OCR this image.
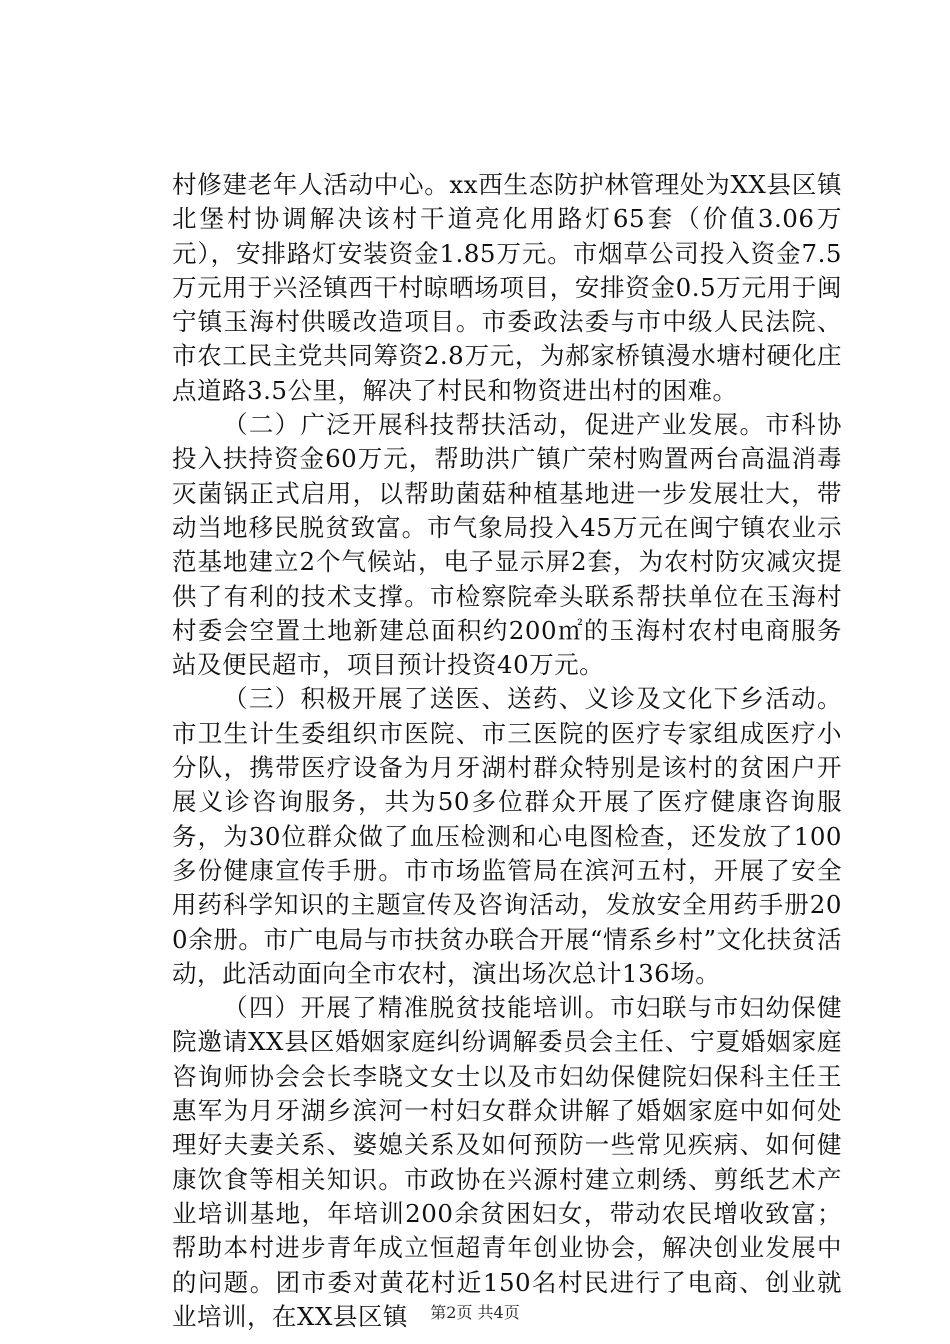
村修建老年人活动中心。xx西生态防护林管理处为XX县区镇北堡村协调解决该村干道亮化用路灯65套（价值3.06万元），安排路灯安装资金1.85万元。市烟草公司投入资金7.5万元用于兴泾镇西干村晾晒场项目，安排资金0.5万元用于闽宁镇玉海村供暖改造项目。市委政法委与市中级人民法院、市农工民主党共同筹资2.8万元，为郝家桥镇漫水塘村硬化庄点道路3.5公里，解决了村民和物资进出村的困难。

（二）广泛开展科技帮扶活动，促进产业发展。市科协投入扶持资金60万元，帮助洪广镇广荣村购置两台高温消毒灭菌锅正式启用，以帮助菌菇种植基地进一步发展壮大，带动当地移民脱贫致富。市气象局投入45万元在闽宁镇农业示范基地建立2个气候站，电子显示屏2套，为农村防灾减灾提供了有利的技术支撑。市检察院牵头联系帮扶单位在玉海村村委会空置土地新建总面积约200㎡的玉海村农村电商服务站及便民超市，项目预计投资40万元。

（三）积极开展了送医、送药、义诊及文化下乡活动。市卫生计生委组织市医院、市三医院的医疗专家组成医疗小分队，携带医疗设备为月牙湖村群众特别是该村的贫困户开展义诊咨询服务，共为50多位群众开展了医疗健康咨询服务，为30位群众做了血压检测和心电图检查，还发放了100多份健康宣传手册。市市场监管局在滨河五村，开展了安全用药科学知识的主题宣传及咨询活动，发放安全用药手册200余册。市广电局与市扶贫办联合开展“情系乡村”文化扶贫活动，此活动面向全市农村，演出场次总计136场。

（四）开展了精准脱贫技能培训。市妇联与市妇幼保健院邀请XX县区婚姻家庭纠纷调解委员会主任、宁夏婚姻家庭咨询师协会会长李晓文女士以及市妇幼保健院妇保科主任王惠军为月牙湖乡滨河一村妇女群众讲解了婚姻家庭中如何处理好夫妻关系、婆媳关系及如何预防一些常见疾病、如何健康饮食等相关知识。市政协在兴源村建立刺绣、剪纸艺术产业培训基地，年培训200余贫困妇女，带动农民增收致富；帮助本村进步青年成立恒超青年创业协会，解决创业发展中的问题。团市委对黄花村近150名村民进行了电商、创业就业培训，在XX县区镇	第2页 共4页
